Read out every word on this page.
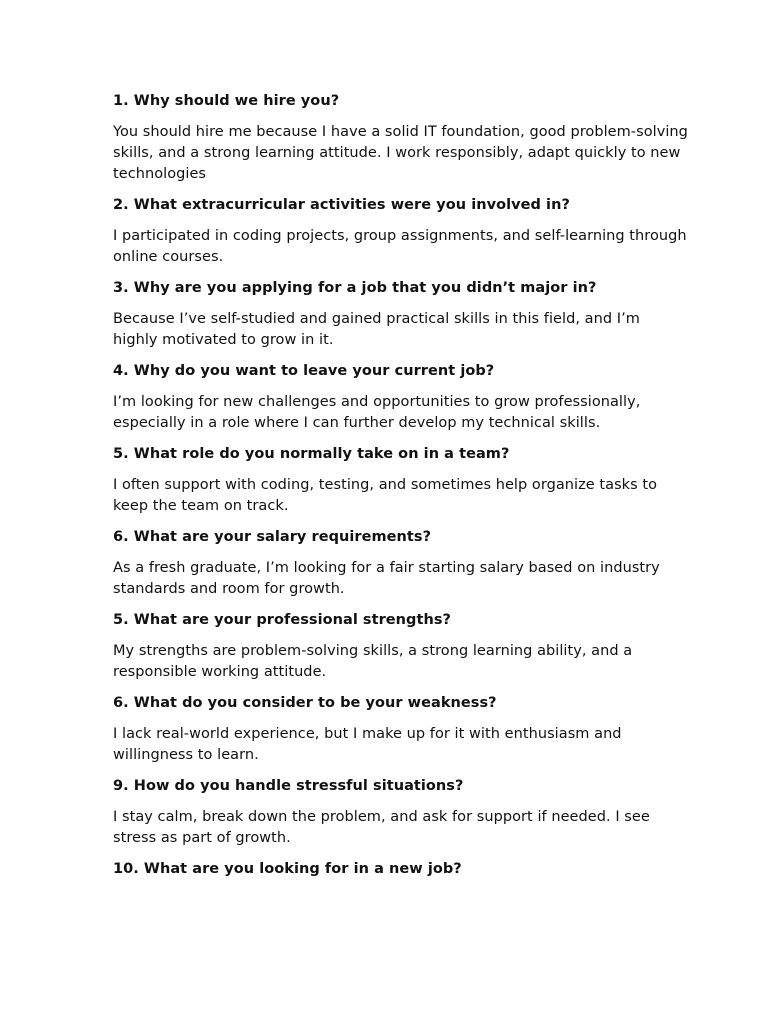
1. Why should we hire you?

You should hire me because I have a solid IT foundation, good problem-solving skills, and a strong learning attitude. I work responsibly, adapt quickly to new technologies

2. What extracurricular activities were you involved in?

I participated in coding projects, group assignments, and self-learning through online courses.

3. Why are you applying for a job that you didn’t major in?

Because I’ve self-studied and gained practical skills in this field, and I’m highly motivated to grow in it.

4. Why do you want to leave your current job?

I’m looking for new challenges and opportunities to grow professionally, especially in a role where I can further develop my technical skills.

5. What role do you normally take on in a team?

I often support with coding, testing, and sometimes help organize tasks to keep the team on track.

6. What are your salary requirements?

As a fresh graduate, I’m looking for a fair starting salary based on industry standards and room for growth.

5. What are your professional strengths?

My strengths are problem-solving skills, a strong learning ability, and a responsible working attitude.

6. What do you consider to be your weakness?

I lack real-world experience, but I make up for it with enthusiasm and willingness to learn.

9. How do you handle stressful situations?

I stay calm, break down the problem, and ask for support if needed. I see stress as part of growth.

10. What are you looking for in a new job?
